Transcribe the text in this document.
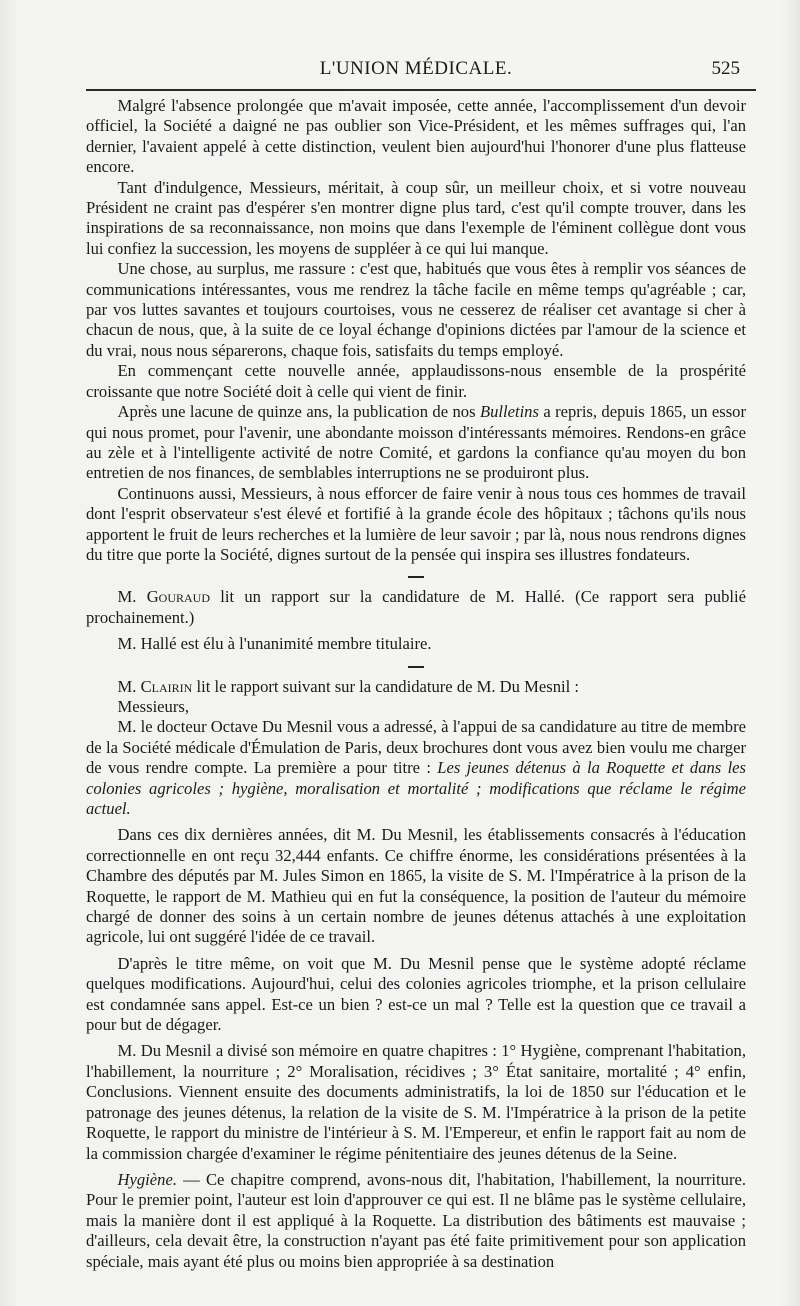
L'UNION MÉDICALE.	525

Malgré l'absence prolongée que m'avait imposée, cette année, l'accomplissement d'un devoir officiel, la Société a daigné ne pas oublier son Vice-Président, et les mêmes suffrages qui, l'an dernier, l'avaient appelé à cette distinction, veulent bien aujourd'hui l'honorer d'une plus flatteuse encore.

Tant d'indulgence, Messieurs, méritait, à coup sûr, un meilleur choix, et si votre nouveau Président ne craint pas d'espérer s'en montrer digne plus tard, c'est qu'il compte trouver, dans les inspirations de sa reconnaissance, non moins que dans l'exemple de l'éminent collègue dont vous lui confiez la succession, les moyens de suppléer à ce qui lui manque.

Une chose, au surplus, me rassure : c'est que, habitués que vous êtes à remplir vos séances de communications intéressantes, vous me rendrez la tâche facile en même temps qu'agréable ; car, par vos luttes savantes et toujours courtoises, vous ne cesserez de réaliser cet avantage si cher à chacun de nous, que, à la suite de ce loyal échange d'opinions dictées par l'amour de la science et du vrai, nous nous séparerons, chaque fois, satisfaits du temps employé.

En commençant cette nouvelle année, applaudissons-nous ensemble de la prospérité croissante que notre Société doit à celle qui vient de finir.

Après une lacune de quinze ans, la publication de nos Bulletins a repris, depuis 1865, un essor qui nous promet, pour l'avenir, une abondante moisson d'intéressants mémoires. Rendons-en grâce au zèle et à l'intelligente activité de notre Comité, et gardons la confiance qu'au moyen du bon entretien de nos finances, de semblables interruptions ne se produiront plus.

Continuons aussi, Messieurs, à nous efforcer de faire venir à nous tous ces hommes de travail dont l'esprit observateur s'est élevé et fortifié à la grande école des hôpitaux ; tâchons qu'ils nous apportent le fruit de leurs recherches et la lumière de leur savoir ; par là, nous nous rendrons dignes du titre que porte la Société, dignes surtout de la pensée qui inspira ses illustres fondateurs.

M. Gouraud lit un rapport sur la candidature de M. Hallé. (Ce rapport sera publié prochainement.)

M. Hallé est élu à l'unanimité membre titulaire.

M. Clairin lit le rapport suivant sur la candidature de M. Du Mesnil :

Messieurs,

M. le docteur Octave Du Mesnil vous a adressé, à l'appui de sa candidature au titre de membre de la Société médicale d'Émulation de Paris, deux brochures dont vous avez bien voulu me charger de vous rendre compte. La première a pour titre : Les jeunes détenus à la Roquette et dans les colonies agricoles ; hygiène, moralisation et mortalité ; modifications que réclame le régime actuel.

Dans ces dix dernières années, dit M. Du Mesnil, les établissements consacrés à l'éducation correctionnelle en ont reçu 32,444 enfants. Ce chiffre énorme, les considérations présentées à la Chambre des députés par M. Jules Simon en 1865, la visite de S. M. l'Impératrice à la prison de la Roquette, le rapport de M. Mathieu qui en fut la conséquence, la position de l'auteur du mémoire chargé de donner des soins à un certain nombre de jeunes détenus attachés à une exploitation agricole, lui ont suggéré l'idée de ce travail.

D'après le titre même, on voit que M. Du Mesnil pense que le système adopté réclame quelques modifications. Aujourd'hui, celui des colonies agricoles triomphe, et la prison cellulaire est condamnée sans appel. Est-ce un bien ? est-ce un mal ? Telle est la question que ce travail a pour but de dégager.

M. Du Mesnil a divisé son mémoire en quatre chapitres : 1° Hygiène, comprenant l'habitation, l'habillement, la nourriture ; 2° Moralisation, récidives ; 3° État sanitaire, mortalité ; 4° enfin, Conclusions. Viennent ensuite des documents administratifs, la loi de 1850 sur l'éducation et le patronage des jeunes détenus, la relation de la visite de S. M. l'Impératrice à la prison de la petite Roquette, le rapport du ministre de l'intérieur à S. M. l'Empereur, et enfin le rapport fait au nom de la commission chargée d'examiner le régime pénitentiaire des jeunes détenus de la Seine.

Hygiène. — Ce chapitre comprend, avons-nous dit, l'habitation, l'habillement, la nourriture. Pour le premier point, l'auteur est loin d'approuver ce qui est. Il ne blâme pas le système cellulaire, mais la manière dont il est appliqué à la Roquette. La distribution des bâtiments est mauvaise ; d'ailleurs, cela devait être, la construction n'ayant pas été faite primitivement pour son application spéciale, mais ayant été plus ou moins bien appropriée à sa destination
